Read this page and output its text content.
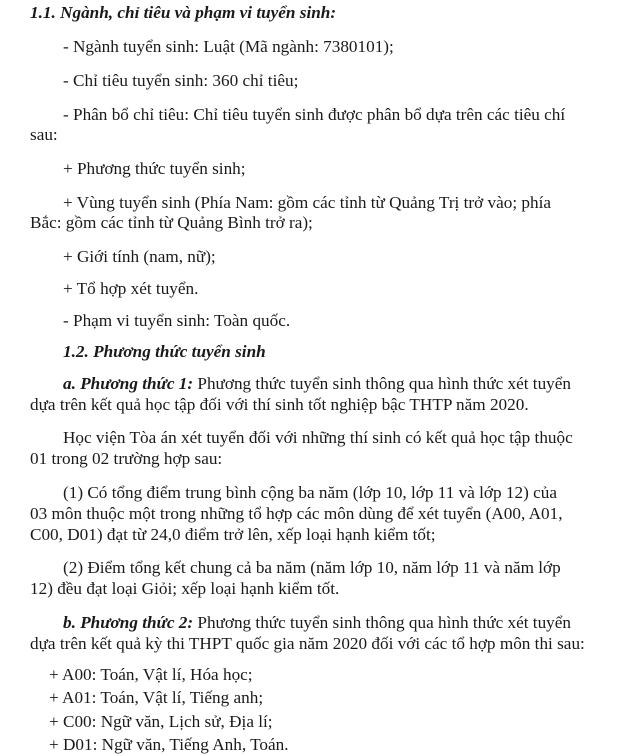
1.1. Ngành, chỉ tiêu và phạm vi tuyển sinh:
- Ngành tuyển sinh: Luật (Mã ngành: 7380101);
- Chỉ tiêu tuyển sinh: 360 chỉ tiêu;
- Phân bổ chỉ tiêu: Chỉ tiêu tuyển sinh được phân bổ dựa trên các tiêu chí
sau:
+ Phương thức tuyển sinh;
+ Vùng tuyển sinh (Phía Nam: gồm các tỉnh từ Quảng Trị trở vào; phía
Bắc: gồm các tỉnh từ Quảng Bình trở ra);
+ Giới tính (nam, nữ);
+ Tổ hợp xét tuyển.
- Phạm vi tuyển sinh: Toàn quốc.
1.2. Phương thức tuyển sinh
a. Phương thức 1: Phương thức tuyển sinh thông qua hình thức xét tuyển
dựa trên kết quả học tập đối với thí sinh tốt nghiệp bậc THTP năm 2020.
Học viện Tòa án xét tuyển đối với những thí sinh có kết quả học tập thuộc
01 trong 02 trường hợp sau:
(1) Có tổng điểm trung bình cộng ba năm (lớp 10, lớp 11 và lớp 12) của
03 môn thuộc một trong những tổ hợp các môn dùng để xét tuyển (A00, A01,
C00, D01) đạt từ 24,0 điểm trở lên, xếp loại hạnh kiểm tốt;
(2) Điểm tổng kết chung cả ba năm (năm lớp 10, năm lớp 11 và năm lớp
12) đều đạt loại Giỏi; xếp loại hạnh kiểm tốt.
b. Phương thức 2: Phương thức tuyển sinh thông qua hình thức xét tuyển
dựa trên kết quả kỳ thi THPT quốc gia năm 2020 đối với các tổ hợp môn thi sau:
+ A00: Toán, Vật lí, Hóa học;
+ A01: Toán, Vật lí, Tiếng anh;
+ C00: Ngữ văn, Lịch sử, Địa lí;
+ D01: Ngữ văn, Tiếng Anh, Toán.
